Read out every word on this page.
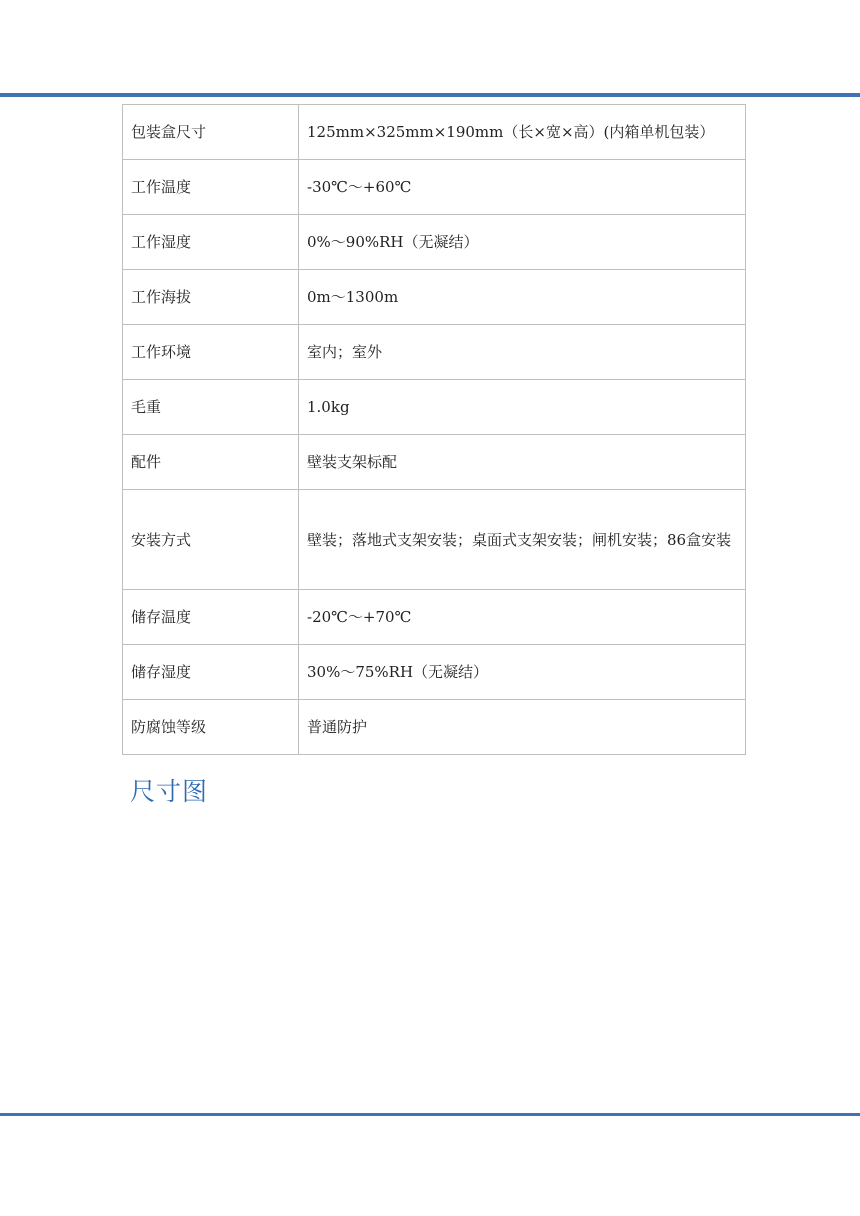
包装盒尺寸	125mm×325mm×190mm（长×宽×高）(内箱单机包装）
工作温度	-30℃～+60℃
工作湿度	0%～90%RH（无凝结）
工作海拔	0m～1300m
工作环境	室内；室外
毛重	1.0kg
配件	壁装支架标配
安装方式	壁装；落地式支架安装；桌面式支架安装；闸机安装；86盒安装
储存温度	-20℃～+70℃
储存湿度	30%～75%RH（无凝结）
防腐蚀等级	普通防护
尺寸图
